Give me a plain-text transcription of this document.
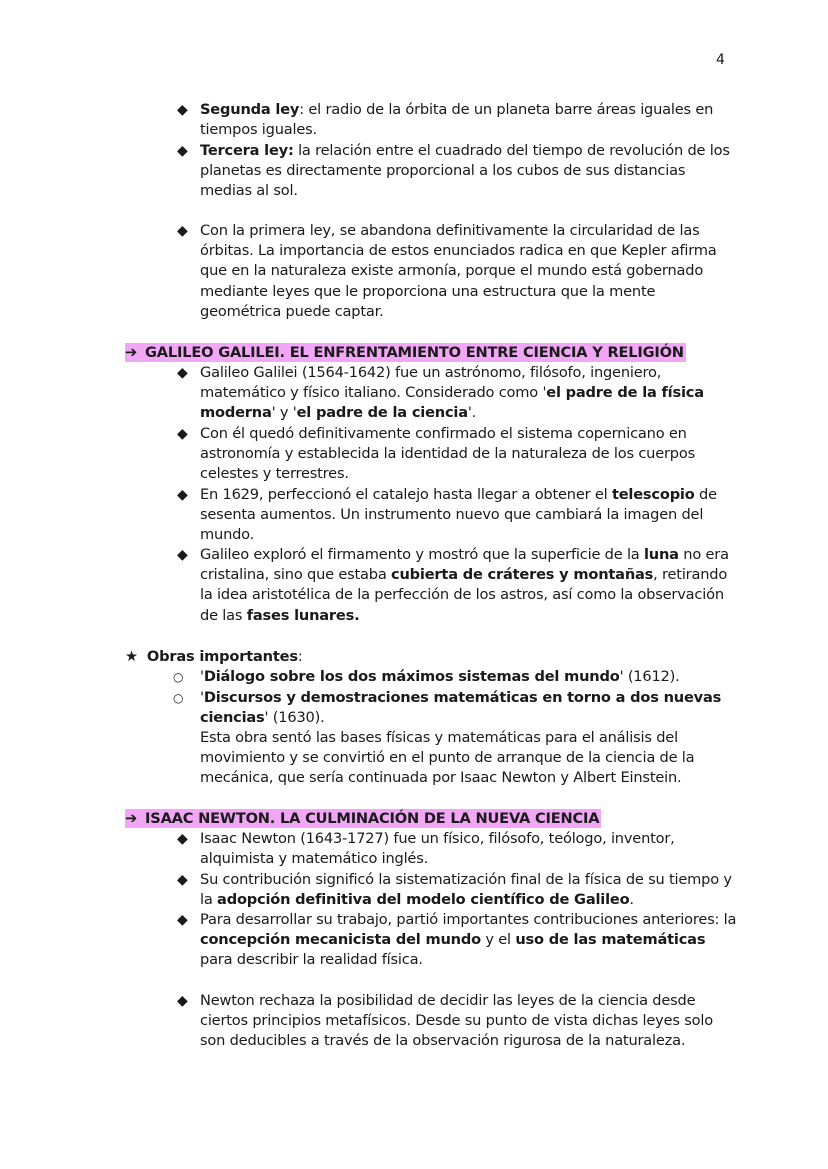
4

◆ Segunda ley: el radio de la órbita de un planeta barre áreas iguales en tiempos iguales.

◆ Tercera ley: la relación entre el cuadrado del tiempo de revolución de los planetas es directamente proporcional a los cubos de sus distancias medias al sol.

◆ Con la primera ley, se abandona definitivamente la circularidad de las órbitas. La importancia de estos enunciados radica en que Kepler afirma que en la naturaleza existe armonía, porque el mundo está gobernado mediante leyes que le proporciona una estructura que la mente geométrica puede captar.

➔ GALILEO GALILEI. EL ENFRENTAMIENTO ENTRE CIENCIA Y RELIGIÓN

◆ Galileo Galilei (1564-1642) fue un astrónomo, filósofo, ingeniero, matemático y físico italiano. Considerado como 'el padre de la física moderna' y 'el padre de la ciencia'.

◆ Con él quedó definitivamente confirmado el sistema copernicano en astronomía y establecida la identidad de la naturaleza de los cuerpos celestes y terrestres.

◆ En 1629, perfeccionó el catalejo hasta llegar a obtener el telescopio de sesenta aumentos. Un instrumento nuevo que cambiará la imagen del mundo.

◆ Galileo exploró el firmamento y mostró que la superficie de la luna no era cristalina, sino que estaba cubierta de cráteres y montañas, retirando la idea aristotélica de la perfección de los astros, así como la observación de las fases lunares.

★ Obras importantes:
○ 'Diálogo sobre los dos máximos sistemas del mundo' (1612).
○ 'Discursos y demostraciones matemáticas en torno a dos nuevas ciencias' (1630).
Esta obra sentó las bases físicas y matemáticas para el análisis del movimiento y se convirtió en el punto de arranque de la ciencia de la mecánica, que sería continuada por Isaac Newton y Albert Einstein.
➔ ISAAC NEWTON. LA CULMINACIÓN DE LA NUEVA CIENCIA

◆ Isaac Newton (1643-1727) fue un físico, filósofo, teólogo, inventor, alquimista y matemático inglés.

◆ Su contribución significó la sistematización final de la física de su tiempo y la adopción definitiva del modelo científico de Galileo.

◆ Para desarrollar su trabajo, partió importantes contribuciones anteriores: la concepción mecanicista del mundo y el uso de las matemáticas para describir la realidad física.

◆ Newton rechaza la posibilidad de decidir las leyes de la ciencia desde ciertos principios metafísicos. Desde su punto de vista dichas leyes solo son deducibles a través de la observación rigurosa de la naturaleza.
